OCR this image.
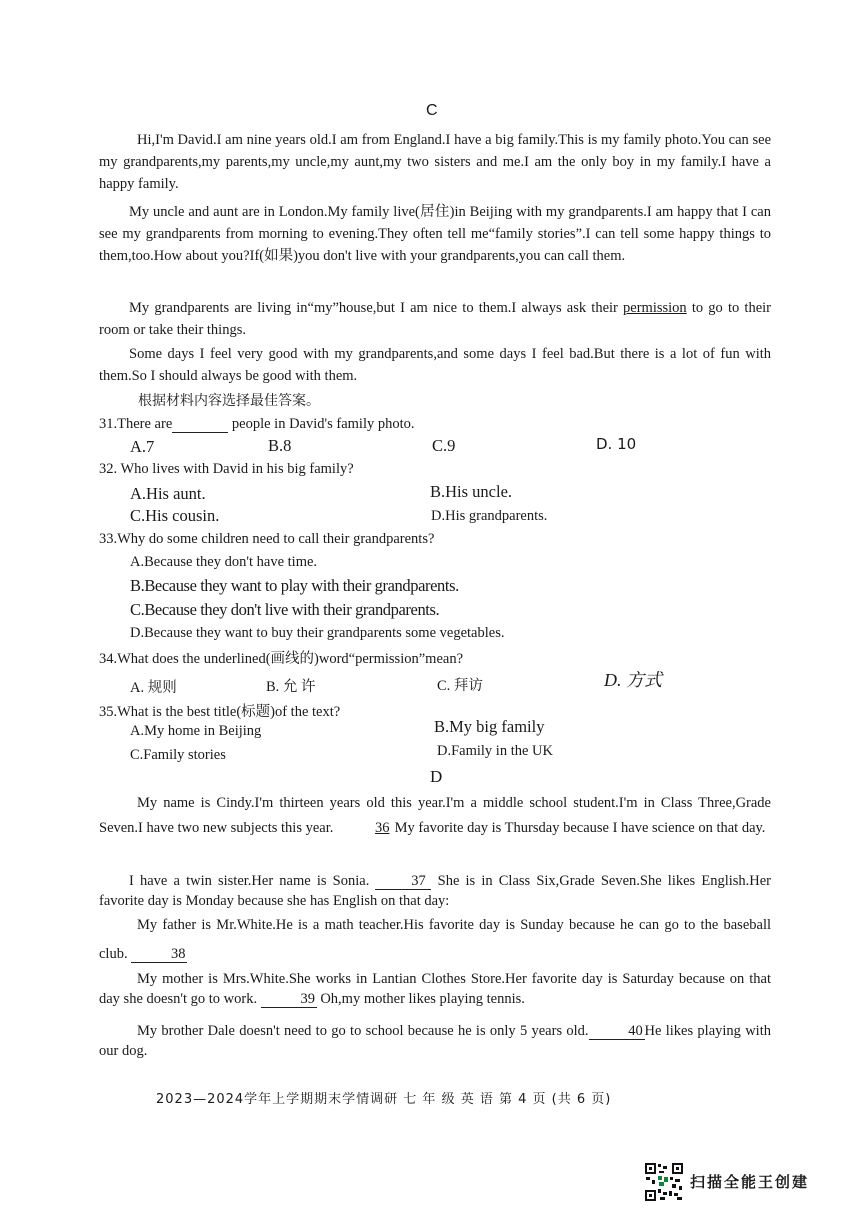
C

Hi,I'm David.I am nine years old.I am from England.I have a big family.This is my family photo.You can see my grandparents,my parents,my uncle,my aunt,my two sisters and me.I am the only boy in my family.I have a happy family.

My uncle and aunt are in London.My family live(居住)in Beijing with my grandparents.I am happy that I can see my grandparents from morning to evening.They often tell me“family stories”.I can tell some happy things to them,too.How about you?If(如果)you don't live with your grandparents,you can call them.

My grandparents are living in“my”house,but I am nice to them.I always ask their permission to go to their room or take their things.

Some days I feel very good with my grandparents,and some days I feel bad.But there is a lot of fun with them.So I should always be good with them.

根据材料内容选择最佳答案。
31.There are	people in David's family photo.
A.7	B.8	C.9	D. 10
32. Who lives with David in his big family?
A.His aunt.	B.His uncle.
C.His cousin.	D.His grandparents.
33.Why do some children need to call their grandparents?
A.Because they don't have time.
B.Because they want to play with their grandparents.
C.Because they don't live with their grandparents.
D.Because they want to buy their grandparents some vegetables.
34.What does the underlined(画线的)word“permission”mean?
A. 规则	B. 允 许	C. 拜访	D. 方式
35.What is the best title(标题)of the text?
A.My home in Beijing	B.My big family
C.Family stories	D.Family in the UK
D

My name is Cindy.I'm thirteen years old this year.I'm a middle school student.I'm in Class Three,Grade Seven.I have two new subjects this year.	36 My favorite day is Thursday because I have science on that day.

I have a twin sister.Her name is Sonia.	37 She is in Class Six,Grade Seven.She likes English.Her favorite day is Monday because she has English on that day:

My father is Mr.White.He is a math teacher.His favorite day is Sunday because he can go to the baseball club.	38

My mother is Mrs.White.She works in Lantian Clothes Store.Her favorite day is Saturday because on that day she doesn't go to work.	39 Oh,my mother likes playing tennis.

My brother Dale doesn't need to go to school because he is only 5 years old.	40 He likes playing with our dog.

2023—2024学年上学期期末学情调研 七 年 级 英 语 第 4 页 (共 6 页)
扫描全能王创建
